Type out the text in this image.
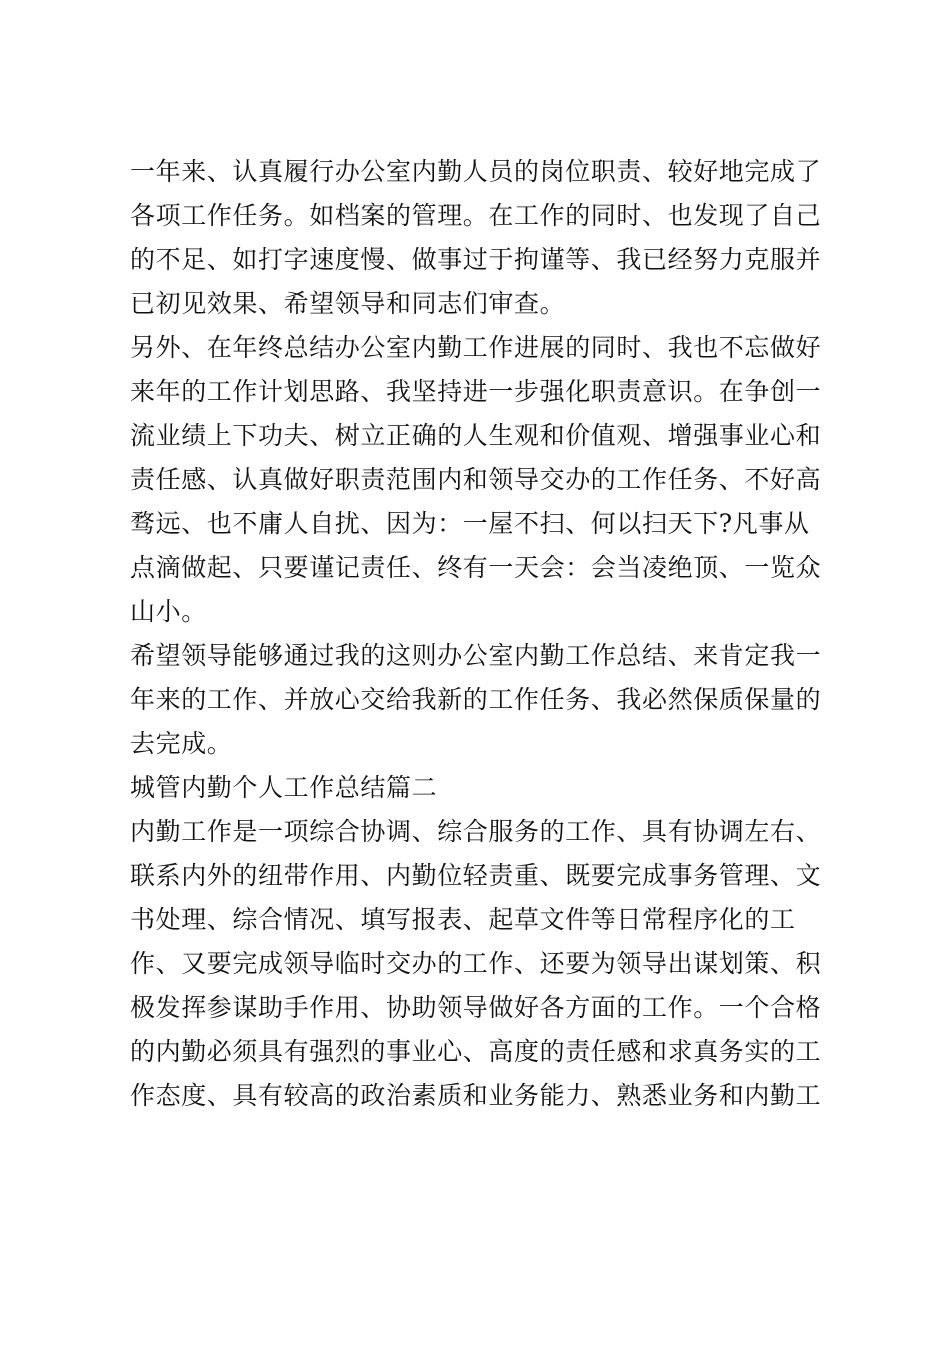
一年来、认真履行办公室内勤人员的岗位职责、较好地完成了
各项工作任务。如档案的管理。在工作的同时、也发现了自己
的不足、如打字速度慢、做事过于拘谨等、我已经努力克服并
已初见效果、希望领导和同志们审查。
另外、在年终总结办公室内勤工作进展的同时、我也不忘做好
来年的工作计划思路、我坚持进一步强化职责意识。在争创一
流业绩上下功夫、树立正确的人生观和价值观、增强事业心和
责任感、认真做好职责范围内和领导交办的工作任务、不好高
骛远、也不庸人自扰、因为：一屋不扫、何以扫天下?凡事从
点滴做起、只要谨记责任、终有一天会：会当凌绝顶、一览众
山小。
希望领导能够通过我的这则办公室内勤工作总结、来肯定我一
年来的工作、并放心交给我新的工作任务、我必然保质保量的
去完成。
城管内勤个人工作总结篇二
内勤工作是一项综合协调、综合服务的工作、具有协调左右、
联系内外的纽带作用、内勤位轻责重、既要完成事务管理、文
书处理、综合情况、填写报表、起草文件等日常程序化的工
作、又要完成领导临时交办的工作、还要为领导出谋划策、积
极发挥参谋助手作用、协助领导做好各方面的工作。一个合格
的内勤必须具有强烈的事业心、高度的责任感和求真务实的工
作态度、具有较高的政治素质和业务能力、熟悉业务和内勤工
